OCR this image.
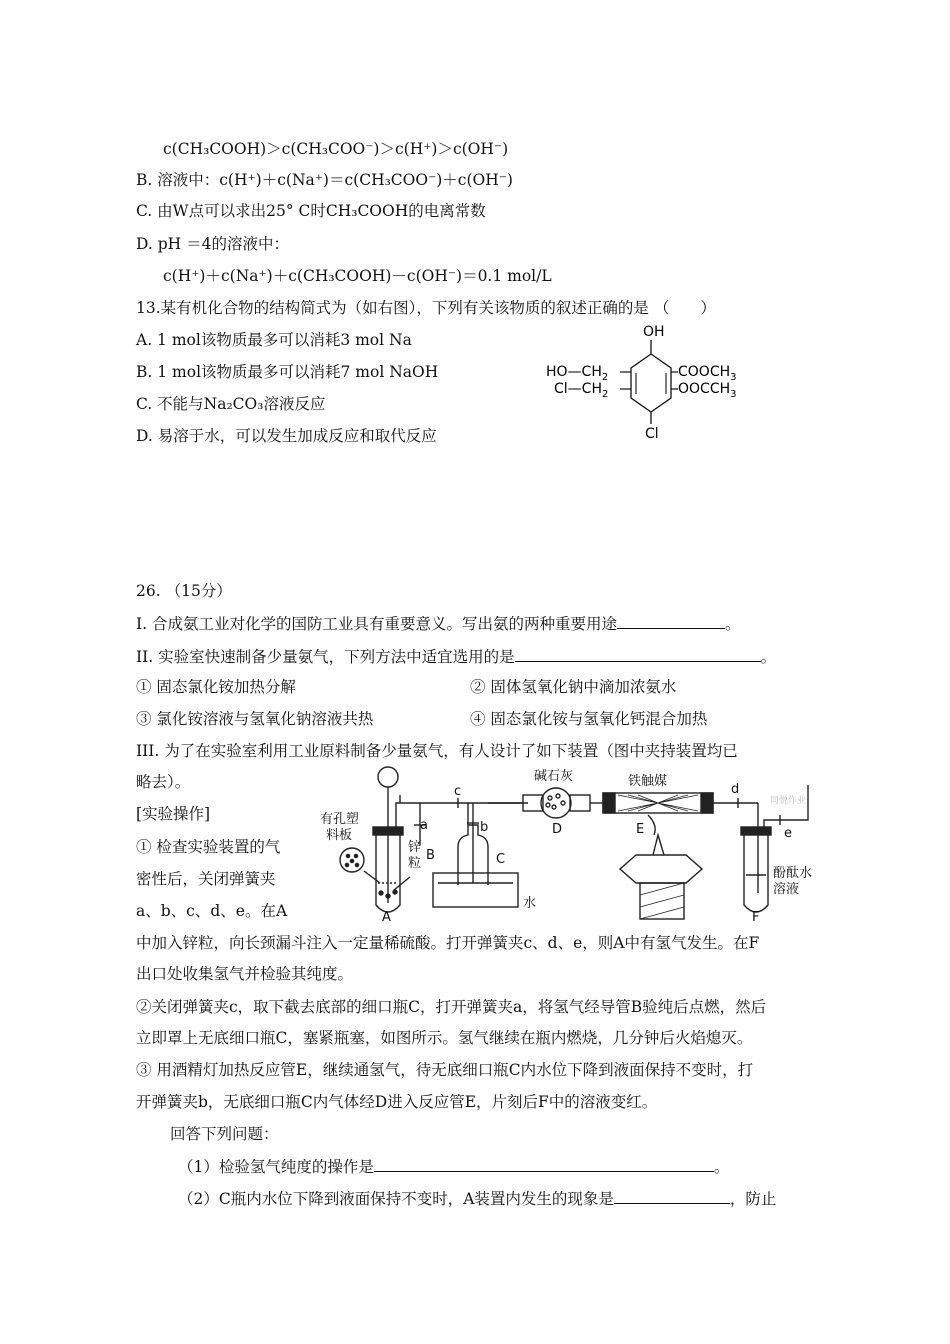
c(CH₃COOH)＞c(CH₃COO⁻)＞c(H⁺)＞c(OH⁻)
B. 溶液中：c(H⁺)＋c(Na⁺)＝c(CH₃COO⁻)＋c(OH⁻)
C. 由W点可以求出25° C时CH₃COOH的电离常数
D. pH ＝4的溶液中：
c(H⁺)＋c(Na⁺)＋c(CH₃COOH)－c(OH⁻)＝0.1 mol/L
13.某有机化合物的结构简式为（如右图），下列有关该物质的叙述正确的是 （　　）
A. 1 mol该物质最多可以消耗3 mol Na
B. 1 mol该物质最多可以消耗7 mol NaOH
C. 不能与Na₂CO₃溶液反应
D. 易溶于水，可以发生加成反应和取代反应
OH
Cl
$HO—CH_2$
$Cl—CH_2$
$COOCH_3$
$OOCCH_3$
26. （15分）
I. 合成氨工业对化学的国防工业具有重要意义。写出氨的两种重要用途	。
II. 实验室快速制备少量氨气，下列方法中适宜选用的是	。
① 固态氯化铵加热分解	② 固体氢氧化钠中滴加浓氨水
③ 氯化铵溶液与氢氧化钠溶液共热	④ 固态氯化铵与氢氧化钙混合加热
III. 为了在实验室利用工业原料制备少量氨气，有人设计了如下装置（图中夹持装置均已
略去）。
[实验操作]
① 检查实验装置的气
密性后，关闭弹簧夹
a、b、c、d、e。在A
中加入锌粒，向长颈漏斗注入一定量稀硫酸。打开弹簧夹c、d、e，则A中有氢气发生。在F
出口处收集氢气并检验其纯度。
②关闭弹簧夹c，取下截去底部的细口瓶C，打开弹簧夹a，将氢气经导管B验纯后点燃，然后
立即罩上无底细口瓶C，塞紧瓶塞，如图所示。氢气继续在瓶内燃烧，几分钟后火焰熄灭。
③ 用酒精灯加热反应管E，继续通氢气，待无底细口瓶C内水位下降到液面保持不变时，打
开弹簧夹b，无底细口瓶C内气体经D进入反应管E，片刻后F中的溶液变红。
回答下列问题：
（1）检验氢气纯度的操作是	。
（2）C瓶内水位下降到液面保持不变时，A装置内发生的现象是	，防止
有孔塑
料板
锌
粒
碱石灰	铁触媒
水
酚酞水
溶液
A
B	C
D	E
F
a	b
c	d
e
同悦作业
